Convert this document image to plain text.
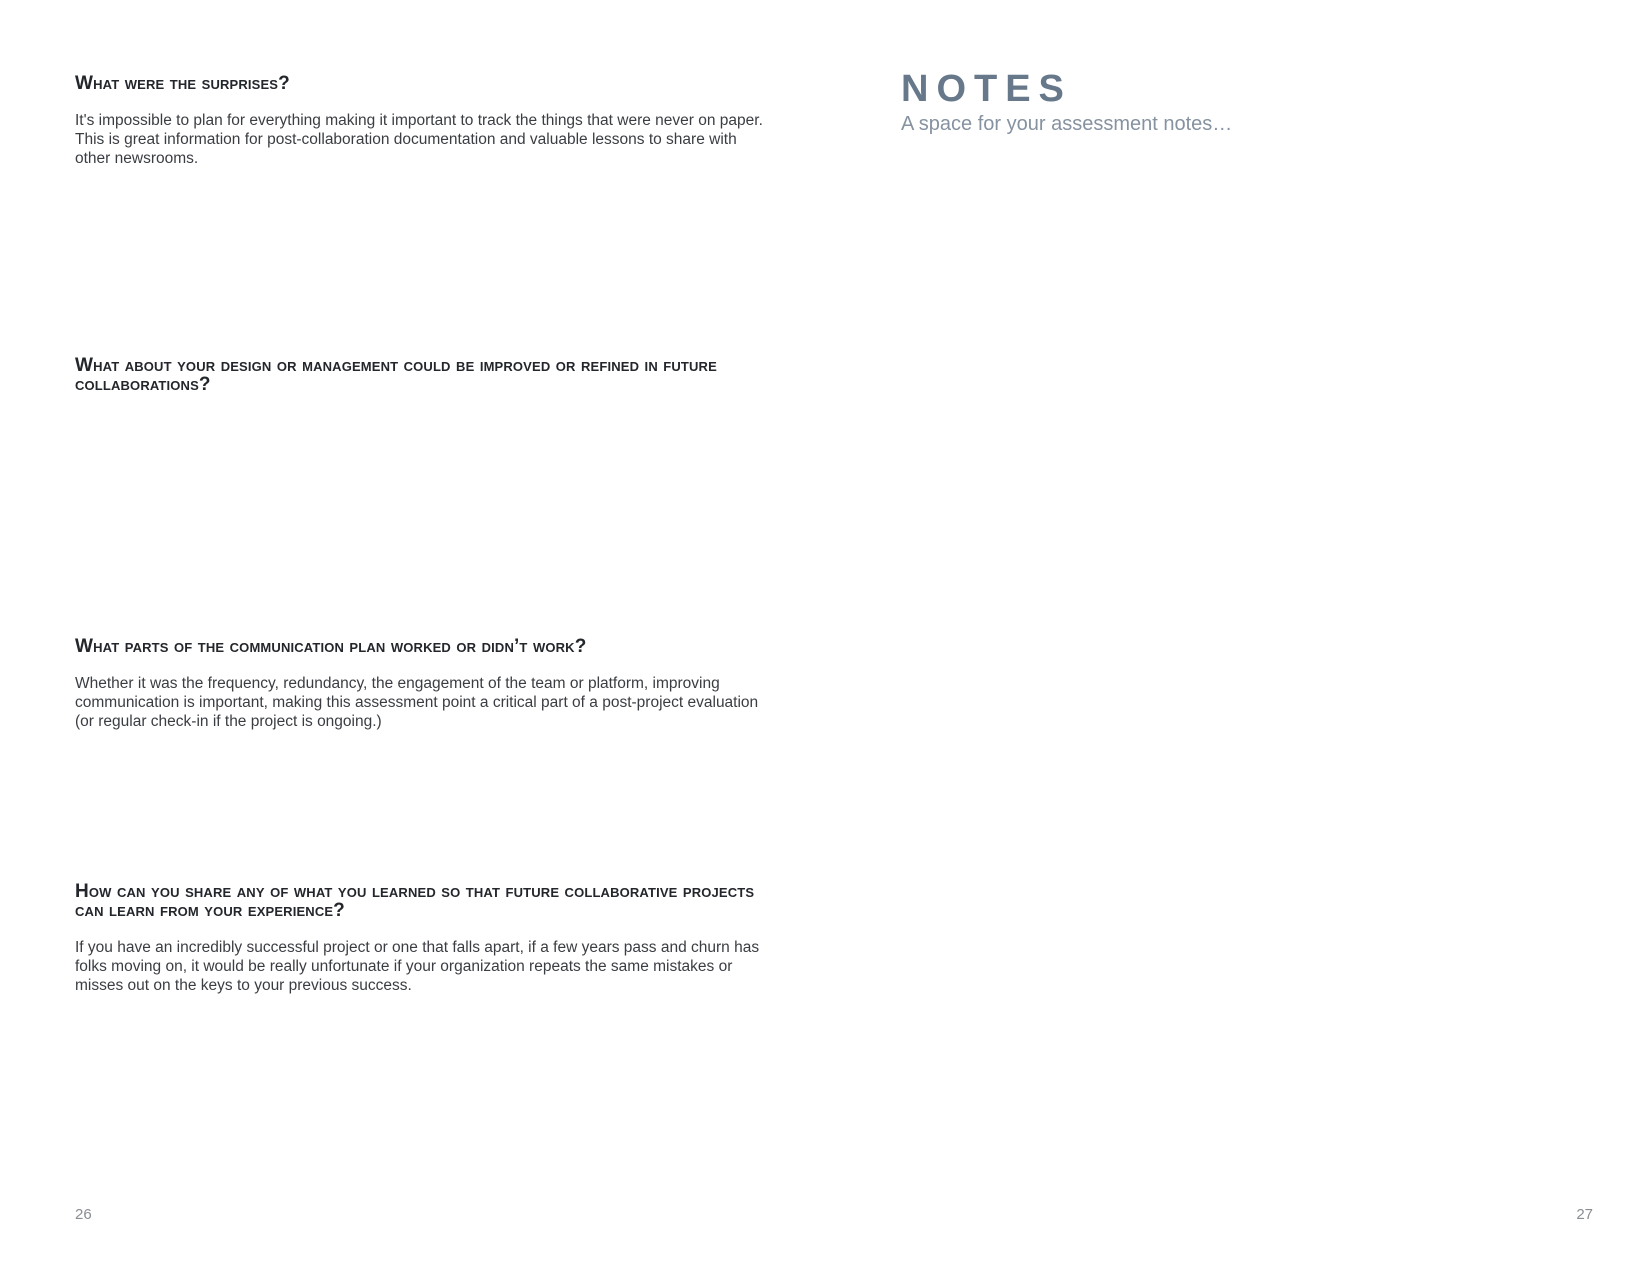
What were the surprises?

It's impossible to plan for everything making it important to track the things that were never on paper. This is great information for post-collaboration documentation and valuable lessons to share with other newsrooms.

What about your design or management could be improved or refined in future collaborations?
What parts of the communication plan worked or didn’t work?

Whether it was the frequency, redundancy, the engagement of the team or platform, improving communication is important, making this assessment point a critical part of a post-project evaluation (or regular check-in if the project is ongoing.)

How can you share any of what you learned so that future collaborative projects can learn from your experience?

If you have an incredibly successful project or one that falls apart, if a few years pass and churn has folks moving on, it would be really unfortunate if your organization repeats the same mistakes or misses out on the keys to your previous success.

26
NOTES

A space for your assessment notes…

27
